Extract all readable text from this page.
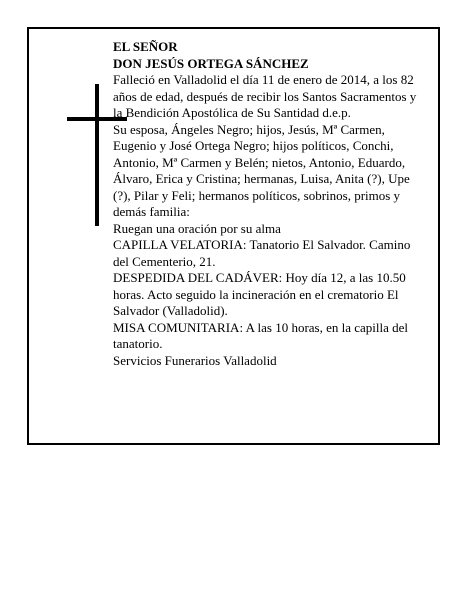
EL SEÑOR

DON JESÚS ORTEGA SÁNCHEZ

Falleció en Valladolid el día 11 de enero de 2014, a los 82 años de edad, después de recibir los Santos Sacramentos y la Bendición Apostólica de Su Santidad d.e.p.

Su esposa, Ángeles Negro; hijos, Jesús, Mª Carmen, Eugenio y José Ortega Negro; hijos políticos, Conchi, Antonio, Mª Carmen y Belén; nietos, Antonio, Eduardo, Álvaro, Erica y Cristina; hermanas, Luisa, Anita (?), Upe (?), Pilar y Feli; hermanos políticos, sobrinos, primos y demás familia:

Ruegan una oración por su alma

CAPILLA VELATORIA: Tanatorio El Salvador. Camino del Cementerio, 21.

DESPEDIDA DEL CADÁVER: Hoy día 12, a las 10.50 horas. Acto seguido la incineración en el crematorio El Salvador (Valladolid).

MISA COMUNITARIA: A las 10 horas, en la capilla del tanatorio.

Servicios Funerarios Valladolid
